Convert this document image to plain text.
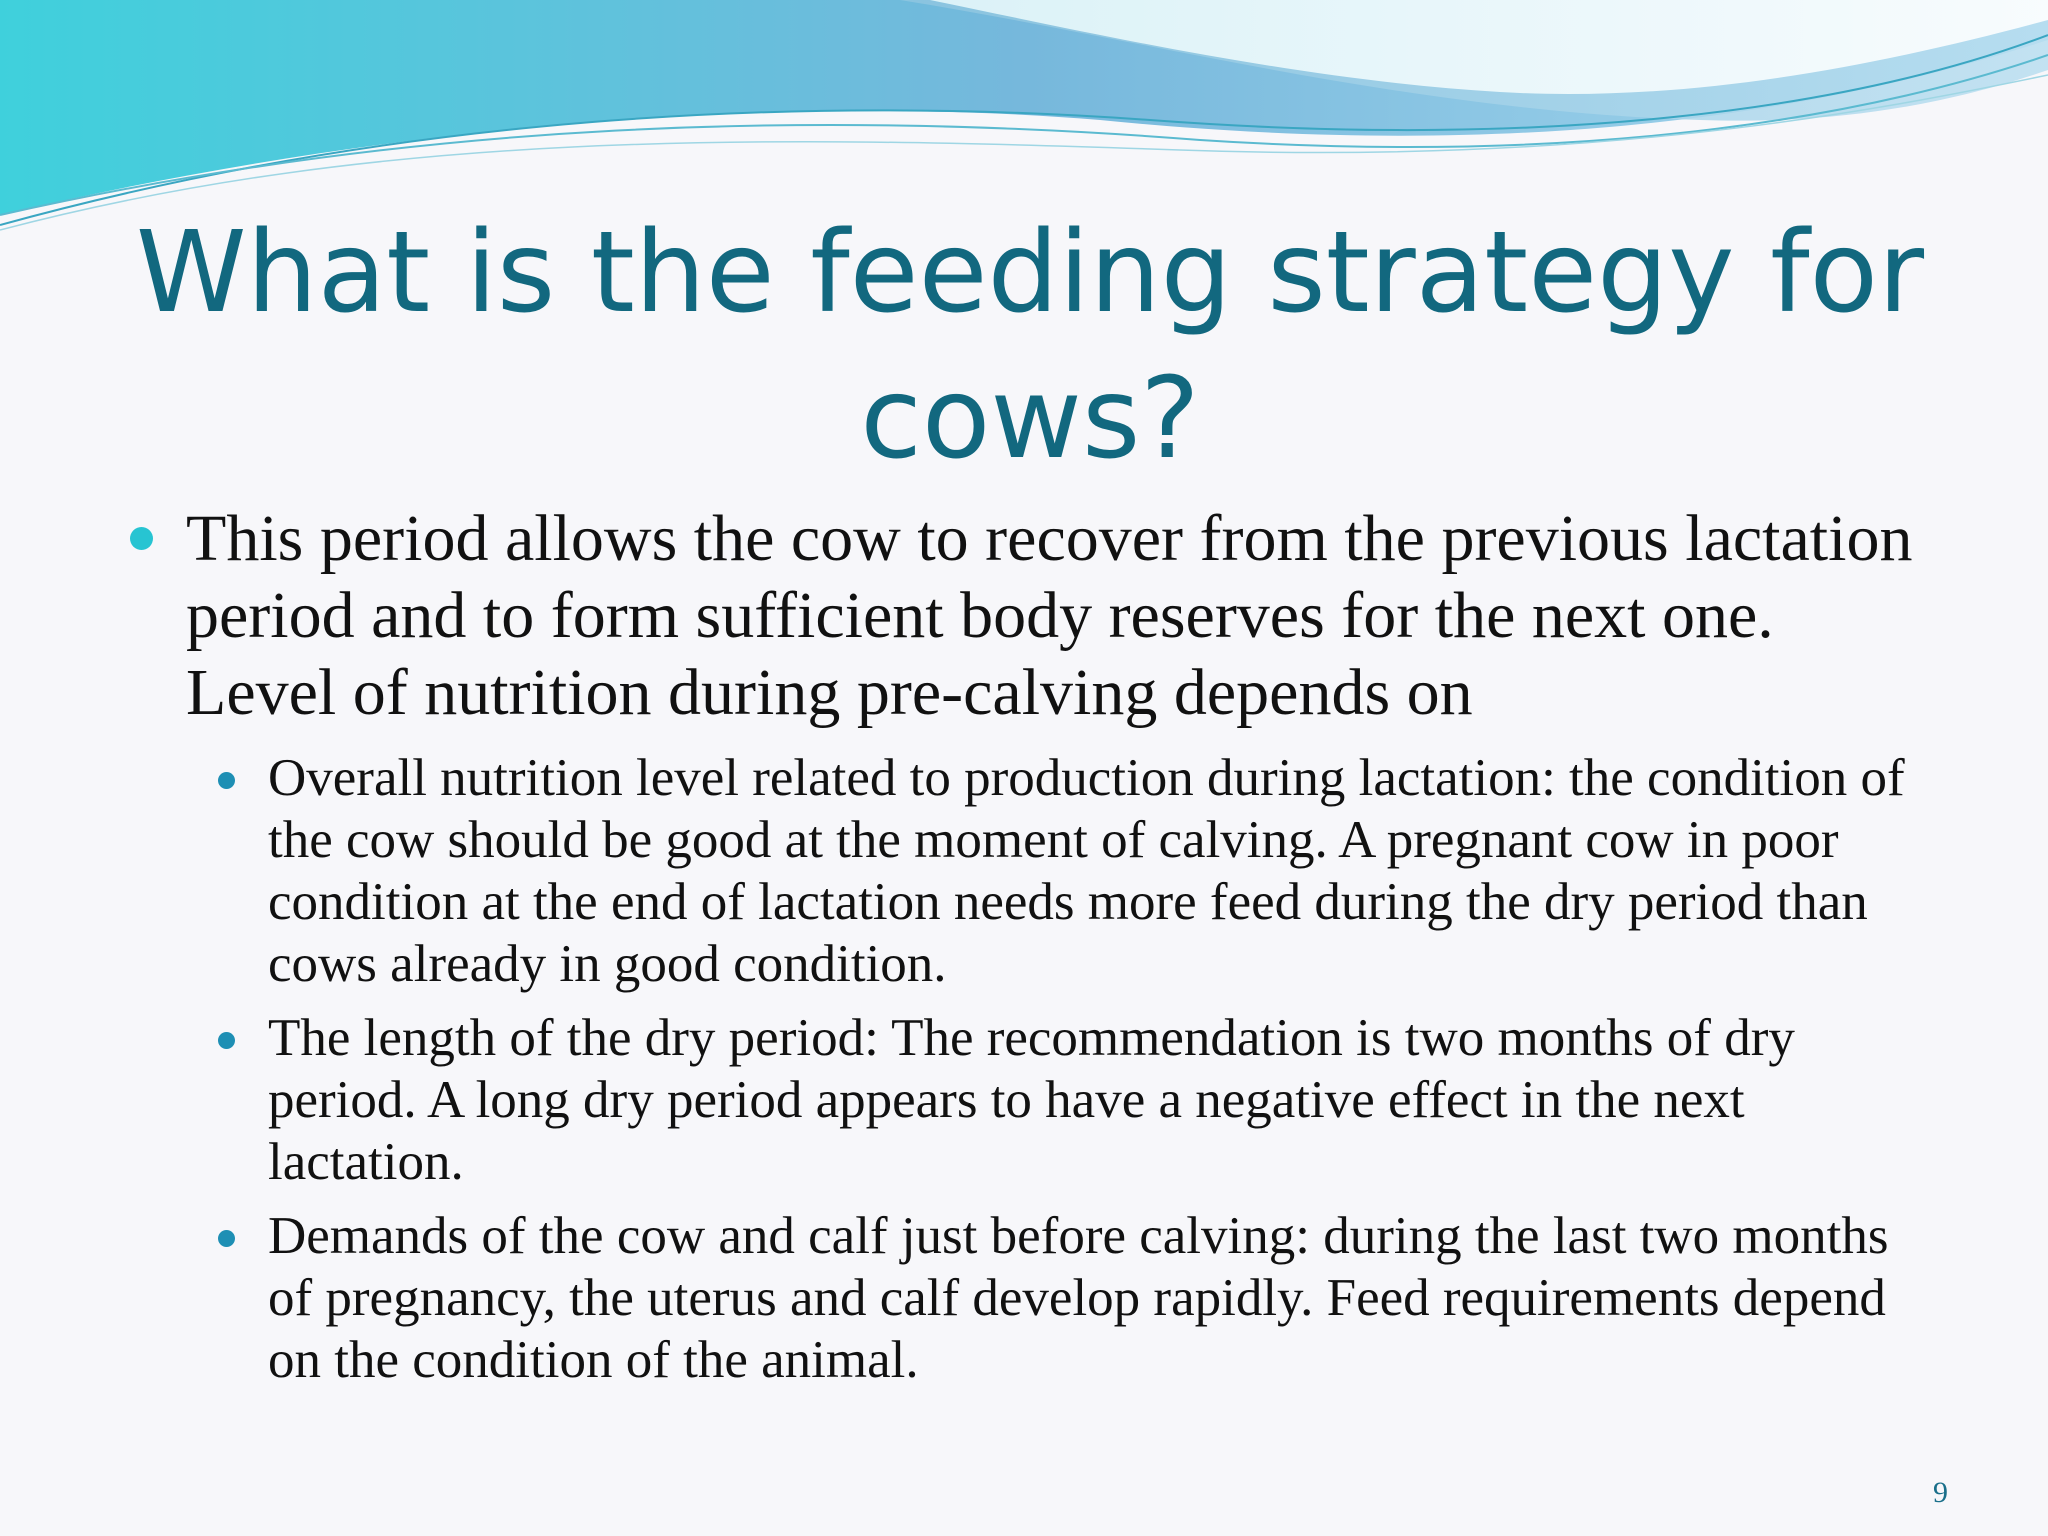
What is the feeding strategy for cows?
This period allows the cow to recover from the previous lactation period and to form sufficient body reserves for the next one. Level of nutrition during pre-calving depends on
Overall nutrition level related to production during lactation: the condition of the cow should be good at the moment of calving. A pregnant cow in poor condition at the end of lactation needs more feed during the dry period than cows already in good condition.
The length of the dry period: The recommendation is two months of dry period. A long dry period appears to have a negative effect in the next lactation.
Demands of the cow and calf just before calving: during the last two months of pregnancy, the uterus and calf develop rapidly. Feed requirements depend on the condition of the animal.
9
